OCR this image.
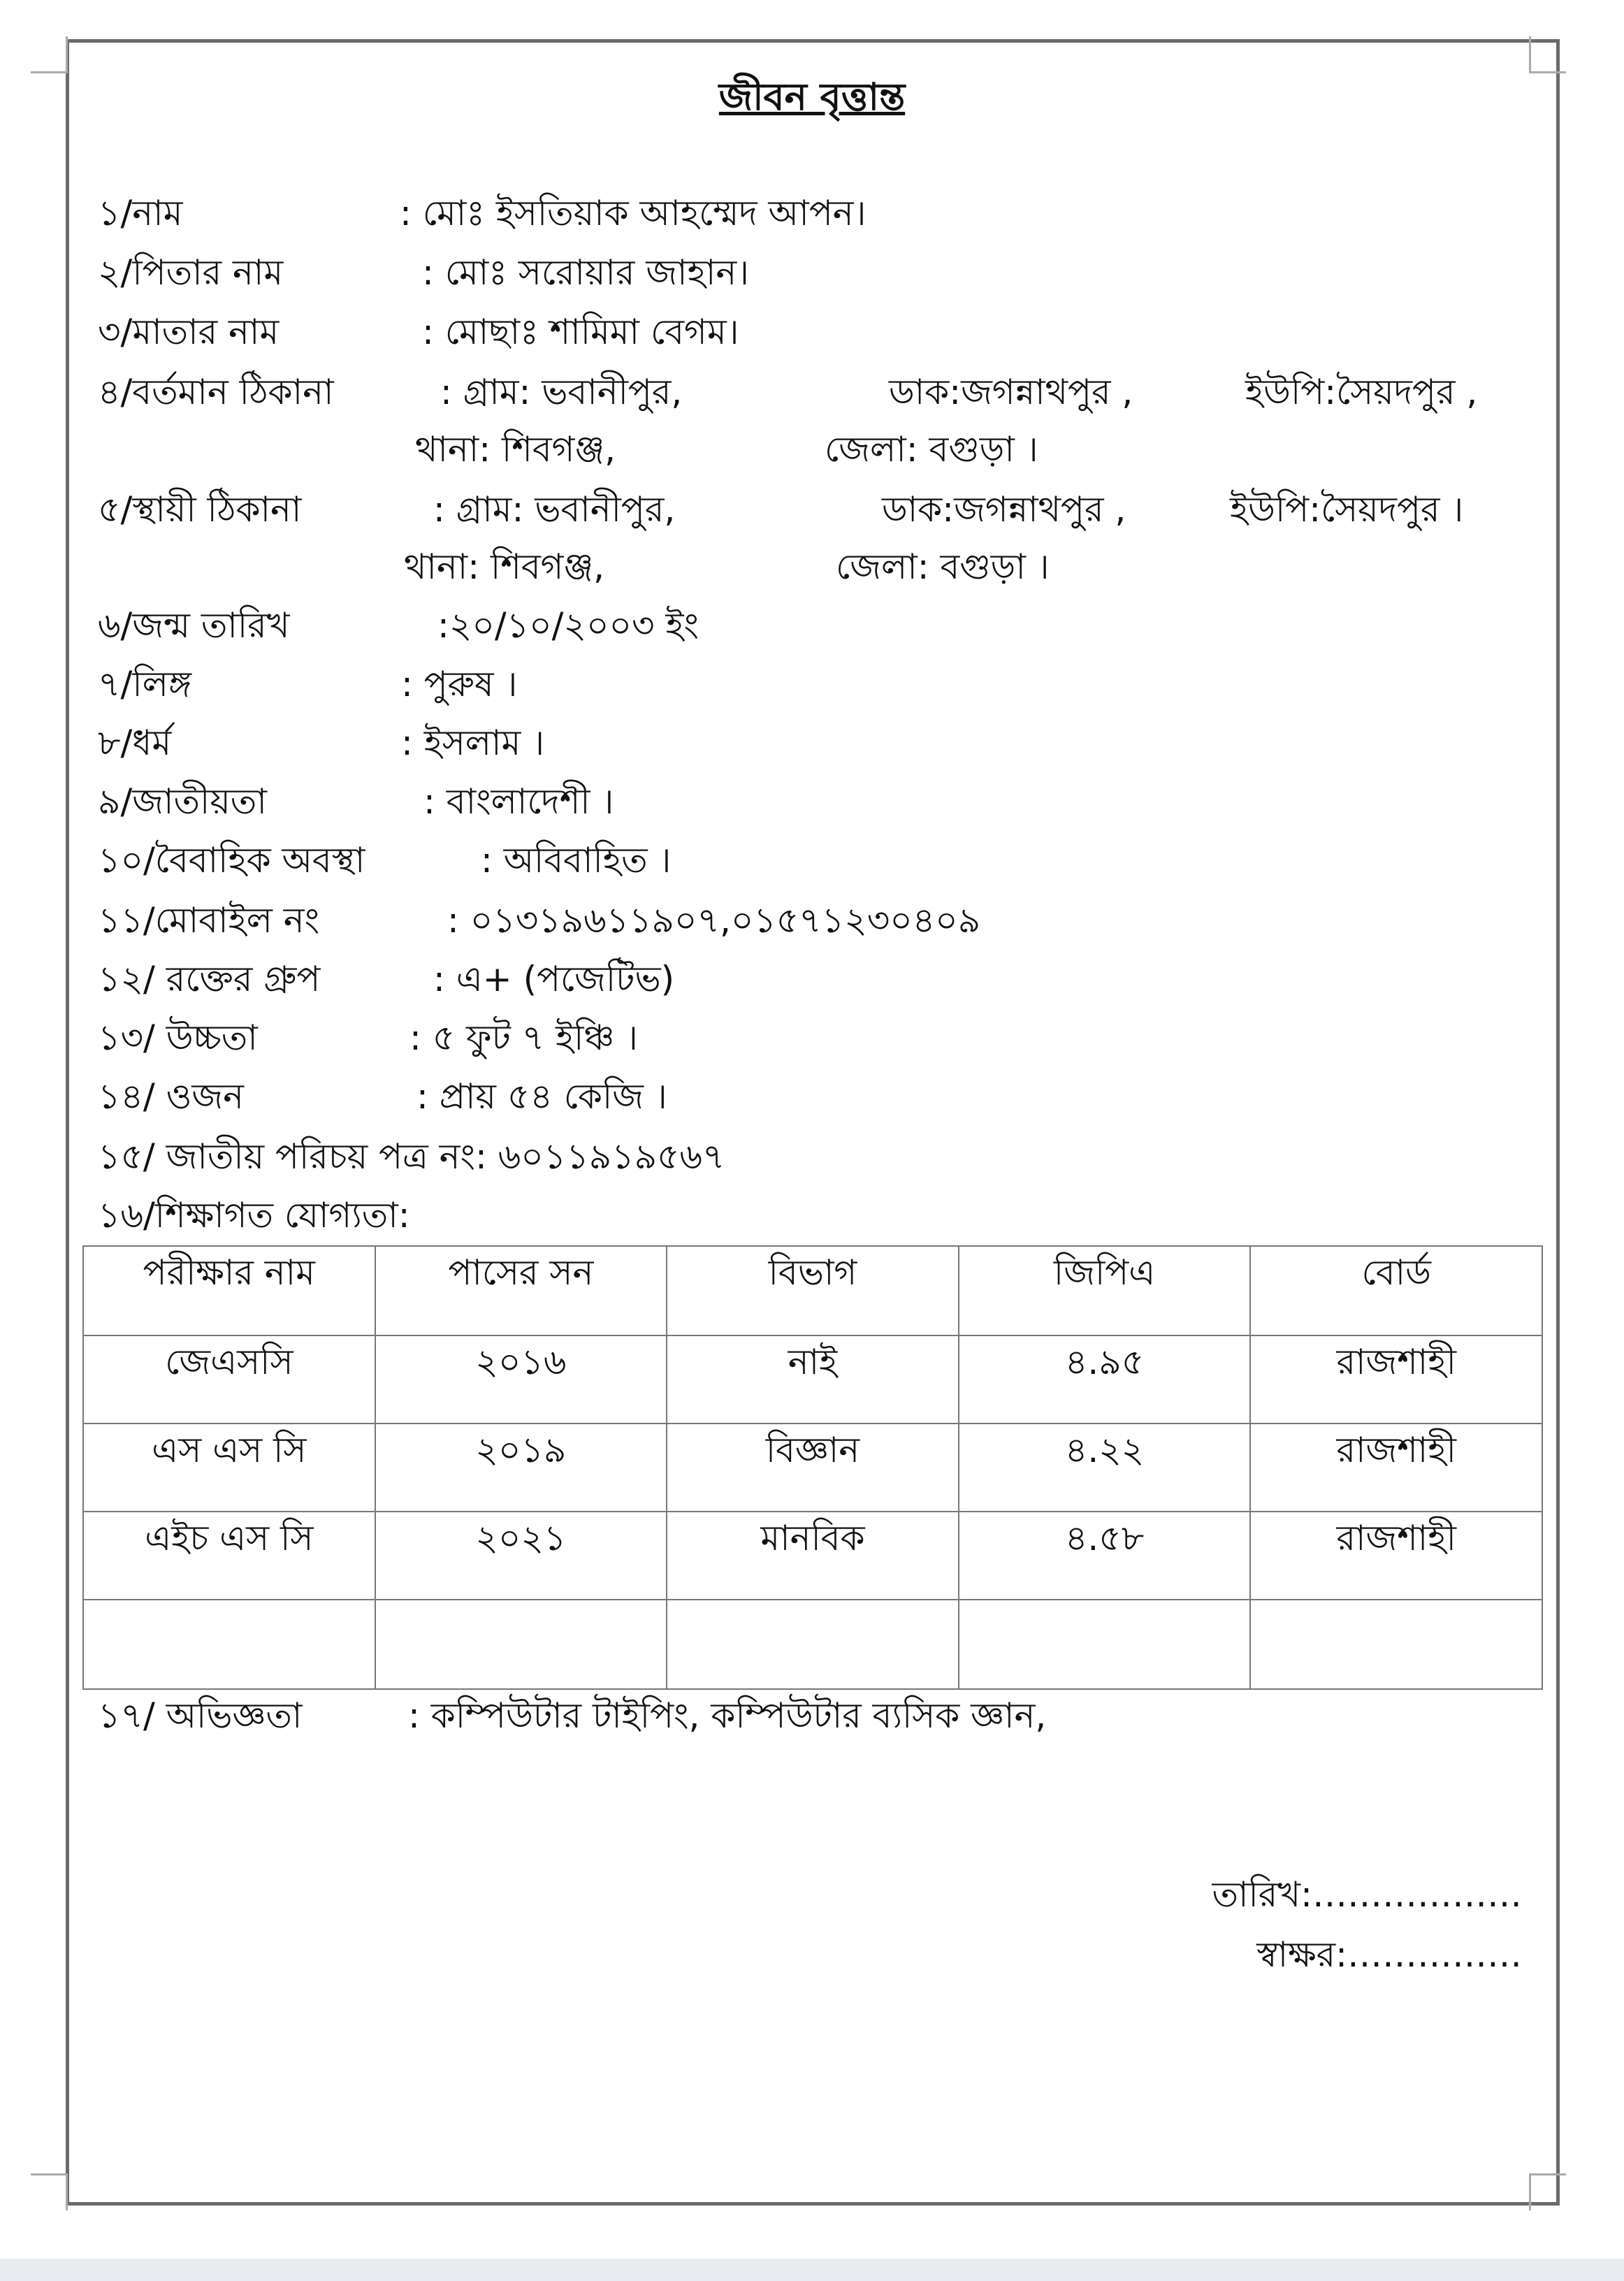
জীবন বৃত্তান্ত
১/নাম	: মোঃ ইসতিয়াক আহম্মেদ আপন।
২/পিতার নাম	: মোঃ সরোয়ার জাহান।
৩/মাতার নাম	: মোছাঃ শামিমা বেগম।
৪/বর্তমান ঠিকানা	: গ্রাম: ভবানীপুর,	ডাক:জগন্নাথপুর ,	ইউপি:সৈয়দপুর ,
থানা: শিবগঞ্জ,	জেলা: বগুড়া ।
৫/স্থায়ী ঠিকানা	: গ্রাম: ভবানীপুর,	ডাক:জগন্নাথপুর ,	ইউপি:সৈয়দপুর ।
থানা: শিবগঞ্জ,	জেলা: বগুড়া ।
৬/জন্ম তারিখ	:২০/১০/২০০৩ ইং
৭/লিঙ্গ	: পুরুষ ।
৮/ধর্ম	: ইসলাম ।
৯/জাতীয়তা	: বাংলাদেশী ।
১০/বৈবাহিক অবস্থা	: অবিবাহিত ।
১১/মোবাইল নং	: ০১৩১৯৬১১৯০৭,০১৫৭১২৩০৪০৯
১২/ রক্তের গ্রুপ	: এ+ (পজেটিভ)
১৩/ উচ্চতা	: ৫ ফুট ৭ ইঞ্চি ।
১৪/ ওজন	: প্রায় ৫৪ কেজি ।
১৫/ জাতীয় পরিচয় পত্র নং: ৬০১১৯১৯৫৬৭
১৬/শিক্ষাগত যোগ্যতা:
পরীক্ষার নাম	পাসের সন	বিভাগ	জিপিএ	বোর্ড
জেএসসি	২০১৬	নাই	৪.৯৫	রাজশাহী
এস এস সি	২০১৯	বিজ্ঞান	৪.২২	রাজশাহী
এইচ এস সি	২০২১	মানবিক	৪.৫৮	রাজশাহী

১৭/ অভিজ্ঞতা	: কম্পিউটার টাইপিং, কম্পিউটার ব্যসিক জ্ঞান,
তারিখ:………………
স্বাক্ষর:……………
